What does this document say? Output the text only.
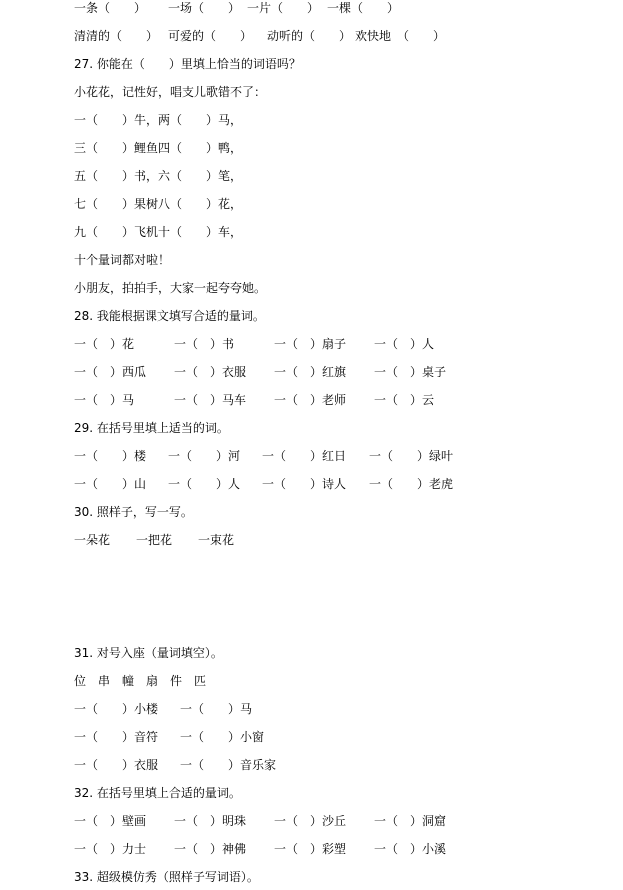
一条（　　）	一场（　　） 一片（　　） 一棵（　　）
清清的（　　） 可爱的（　　）	动听的（　　） 欢快地　（　　）
27. 你能在（　　）里填上恰当的词语吗？
小花花，记性好，唱支儿歌错不了：
一（　　）牛，两（　　）马，
三（　　）鲤鱼四（　　）鸭，
五（　　）书，六（　　）笔，
七（　　）果树八（　　）花，
九（　　）飞机十（　　）车，
十个量词都对啦！
小朋友，拍拍手，大家一起夸夸她。
28. 我能根据课文填写合适的量词。
一（　）花	一（　）书	一（　）扇子	一（　）人
一（　）西瓜	一（　）衣服	一（　）红旗	一（　）桌子
一（　）马	一（　）马车	一（　）老师	一（　）云
29. 在括号里填上适当的词。
一（　　）楼	一（　　）河	一（　　）红日	一（　　）绿叶
一（　　）山	一（　　）人	一（　　）诗人	一（　　）老虎
30. 照样子，写一写。
一朵花	一把花	一束花
31. 对号入座（量词填空）。
位 串 幢 扇 件 匹
一（　　）小楼	一（　　）马
一（　　）音符	一（　　）小窗
一（　　）衣服	一（　　）音乐家
32. 在括号里填上合适的量词。
一（　）壁画	一（　）明珠	一（　）沙丘	一（　）洞窟
一（　）力士	一（　）神佛	一（　）彩塑	一（　）小溪
33. 超级模仿秀（照样子写词语）。
